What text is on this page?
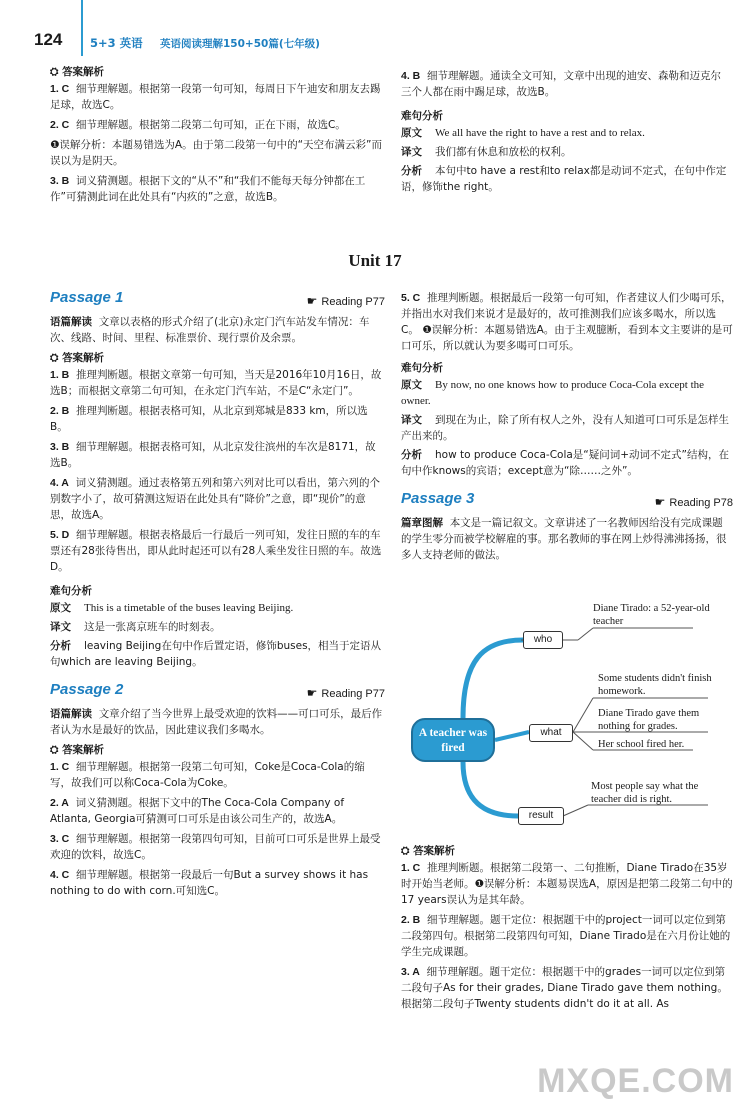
124 5+3 英语 英语阅读理解150+50篇(七年级)
⛭ 答案解析
1. C 细节理解题。根据第一段第一句可知，每周日下午迪安和朋友去踢足球，故选C。
2. C 细节理解题。根据第二段第二句可知，正在下雨，故选C。
❶误解分析：本题易错选为A。由于第二段第一句中的“天空布满云彩”而误以为是阴天。
3. B 词义猜测题。根据下文的“从不”和“我们不能每天每分钟都在工作”可猜测此词在此处具有“内疚的”之意，故选B。
4. B 细节理解题。通读全文可知，文章中出现的迪安、森勒和迈克尔三个人都在雨中踢足球，故选B。
难句分析
原文 We all have the right to have a rest and to relax.
译文 我们都有休息和放松的权利。
分析 本句中to have a rest和to relax都是动词不定式，在句中作定语，修饰the right。
Unit 17
Passage 1	☛ Reading P77
语篇解读 文章以表格的形式介绍了(北京)永定门汽车站发车情况：车次、线路、时间、里程、标准票价、现行票价及余票。
⛭ 答案解析
1. B 推理判断题。根据文章第一句可知，当天是2016年10月16日，故选B；而根据文章第二句可知，在永定门汽车站，不是C“永定门”。
2. B 推理判断题。根据表格可知，从北京到郑城是833 km，所以选B。
3. B 细节理解题。根据表格可知，从北京发往滨州的车次是8171，故选B。
4. A 词义猜测题。通过表格第五列和第六列对比可以看出，第六列的个别数字小了，故可猜测这短语在此处具有“降价”之意，即“现价”的意思，故选A。
5. D 细节理解题。根据表格最后一行最后一列可知，发往日照的车的车票还有28张待售出，即从此时起还可以有28人乘坐发往日照的车。故选D。
难句分析
原文 This is a timetable of the buses leaving Beijing.
译文 这是一张离京班车的时刻表。
分析 leaving Beijing在句中作后置定语，修饰buses，相当于定语从句which are leaving Beijing。
Passage 2	☛ Reading P77
语篇解读 文章介绍了当今世界上最受欢迎的饮料——可口可乐，最后作者认为水是最好的饮品，因此建议我们多喝水。
⛭ 答案解析
1. C 细节理解题。根据第一段第二句可知，Coke是Coca-Cola的缩写，故我们可以称Coca-Cola为Coke。
2. A 词义猜测题。根据下文中的The Coca-Cola Company of Atlanta, Georgia可猜测可口可乐是由该公司生产的，故选A。
3. C 细节理解题。根据第一段第四句可知，目前可口可乐是世界上最受欢迎的饮料，故选C。
4. C 细节理解题。根据第一段最后一句But a survey shows it has nothing to do with corn.可知选C。
5. C 推理判断题。根据最后一段第一句可知，作者建议人们少喝可乐，并指出水对我们来说才是最好的，故可推测我们应该多喝水，所以选C。 ❶误解分析：本题易错选A。由于主观臆断，看到本文主要讲的是可口可乐，所以就认为要多喝可口可乐。
难句分析
原文 By now, no one knows how to produce Coca-Cola except the owner.
译文 到现在为止，除了所有权人之外，没有人知道可口可乐是怎样生产出来的。
分析 how to produce Coca-Cola是“疑问词+动词不定式”结构，在句中作knows的宾语；except意为“除……之外”。
Passage 3	☛ Reading P78
篇章图解 本文是一篇记叙文。文章讲述了一名教师因给没有完成课题的学生零分而被学校解雇的事。那名教师的事在网上炒得沸沸扬扬，很多人支持老师的做法。
A teacher was fired
who
Diane Tirado: a 52-year-old teacher
what
Some students didn't finish homework.
Diane Tirado gave them nothing for grades.
Her school fired her.
result
Most people say what the teacher did is right.
⛭ 答案解析
1. C 推理判断题。根据第二段第一、二句推断，Diane Tirado在35岁时开始当老师。❶误解分析：本题易误选A，原因是把第二段第二句中的17 years误认为是其年龄。
2. B 细节理解题。题干定位：根据题干中的project一词可以定位到第二段第四句。根据第二段第四句可知，Diane Tirado是在六月份让她的学生完成课题。
3. A 细节理解题。题干定位：根据题干中的grades一词可以定位到第二段句子As for their grades, Diane Tirado gave them nothing。根据第二段句子Twenty students didn't do it at all. As
MXQE.COM
